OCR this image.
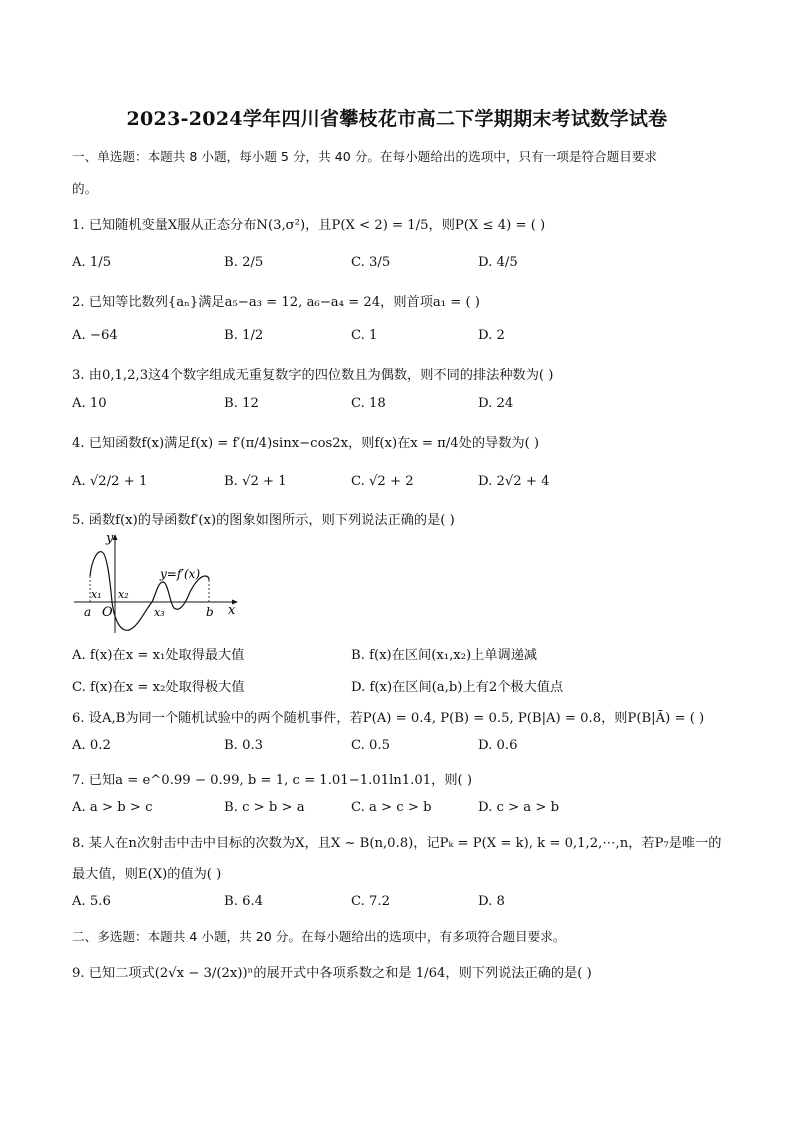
2023-2024学年四川省攀枝花市高二下学期期末考试数学试卷
一、单选题：本题共 8 小题，每小题 5 分，共 40 分。在每小题给出的选项中，只有一项是符合题目要求
的。
1. 已知随机变量X服从正态分布N(3,σ²)，且P(X < 2) = 1/5，则P(X ≤ 4) = ( )
A. 1/5	B. 2/5	C. 3/5	D. 4/5
2. 已知等比数列{aₙ}满足a₅−a₃ = 12, a₆−a₄ = 24，则首项a₁ = ( )
A. −64	B. 1/2	C. 1	D. 2
3. 由0,1,2,3这4个数字组成无重复数字的四位数且为偶数，则不同的排法种数为( )
A. 10	B. 12	C. 18	D. 24
4. 已知函数f(x)满足f(x) = f′(π/4)sinx−cos2x，则f(x)在x = π/4处的导数为( )
A. √2/2 + 1	B. √2 + 1	C. √2 + 2	D. 2√2 + 4
5. 函数f(x)的导函数f′(x)的图象如图所示，则下列说法正确的是( )
y
x
O
a	b
x₁ x₂
x₃
y=f′(x)
A. f(x)在x = x₁处取得最大值	B. f(x)在区间(x₁,x₂)上单调递减
C. f(x)在x = x₂处取得极大值	D. f(x)在区间(a,b)上有2个极大值点
6. 设A,B为同一个随机试验中的两个随机事件，若P(A) = 0.4, P(B) = 0.5, P(B|A) = 0.8，则P(B|Ā) = ( )
A. 0.2	B. 0.3	C. 0.5	D. 0.6
7. 已知a = e^0.99 − 0.99, b = 1, c = 1.01−1.01ln1.01，则( )
A. a > b > c	B. c > b > a	C. a > c > b	D. c > a > b
8. 某人在n次射击中击中目标的次数为X，且X ~ B(n,0.8)，记Pₖ = P(X = k), k = 0,1,2,⋯,n，若P₇是唯一的
最大值，则E(X)的值为( )
A. 5.6	B. 6.4	C. 7.2	D. 8
二、多选题：本题共 4 小题，共 20 分。在每小题给出的选项中，有多项符合题目要求。
9. 已知二项式(2√x − 3/(2x))ⁿ的展开式中各项系数之和是 1/64，则下列说法正确的是( )
